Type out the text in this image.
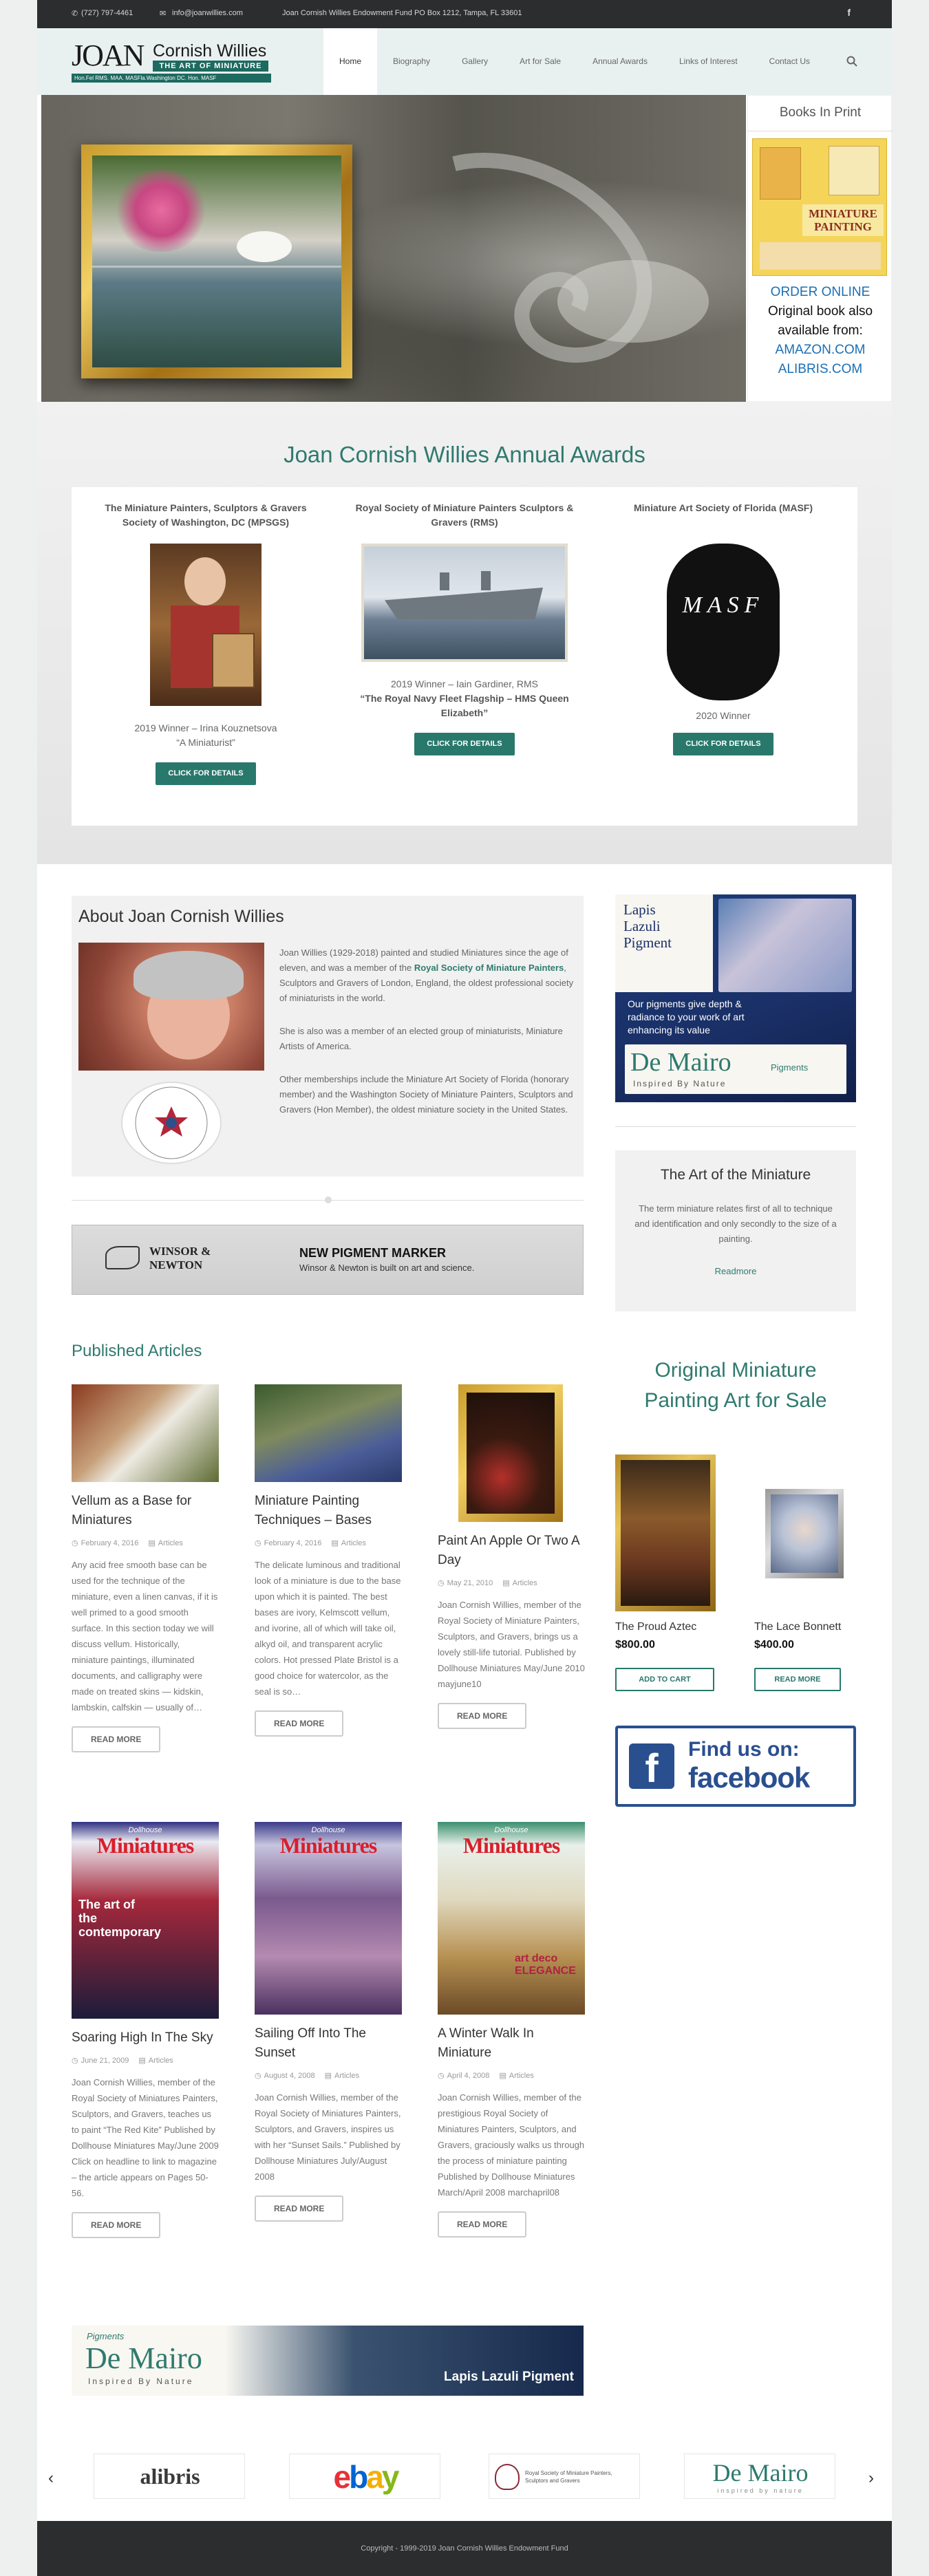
✆ (727) 797-4461	✉ info@joanwillies.com	Joan Cornish Willies Endowment Fund PO Box 1212, Tampa, FL 33601	f
JOAN Cornish Willies
THE ART OF MINIATURE
Hon.Fel RMS. MAA. MASFla.Washington DC. Hon. MASF
Home	Biography	Gallery	Art for Sale	Annual Awards	Links of Interest	Contact Us
Books In Print
MINIATURE PAINTING
ORDER ONLINE
Original book also
available from:
AMAZON.COM
ALIBRIS.COM
Joan Cornish Willies Annual Awards
The Miniature Painters, Sculptors & Gravers Society of Washington, DC (MPSGS)
2019 Winner – Irina Kouznetsova
“A Miniaturist”
CLICK FOR DETAILS
Royal Society of Miniature Painters Sculptors & Gravers (RMS)
2019 Winner – Iain Gardiner, RMS
“The Royal Navy Fleet Flagship – HMS Queen Elizabeth”
CLICK FOR DETAILS
Miniature Art Society of Florida (MASF)
MASF
2020 Winner
CLICK FOR DETAILS
About Joan Cornish Willies
Joan Willies (1929-2018) painted and studied Miniatures since the age of eleven, and was a member of the Royal Society of Miniature Painters, Sculptors and Gravers of London, England, the oldest professional society of miniaturists in the world.
She is also was a member of an elected group of miniaturists, Miniature Artists of America.
Other memberships include the Miniature Art Society of Florida (honorary member) and the Washington Society of Miniature Painters, Sculptors and Gravers (Hon Member), the oldest miniature society in the United States.
WINSOR & NEWTON
NEW PIGMENT MARKER
Winsor & Newton is built on art and science.
Published Articles
Vellum as a Base for Miniatures
◷ February 4, 2016 ▤ Articles
Any acid free smooth base can be used for the technique of the miniature, even a linen canvas, if it is well primed to a good smooth surface. In this section today we will discuss vellum. Historically, miniature paintings, illuminated documents, and calligraphy were made on treated skins — kidskin, lambskin, calfskin — usually of…
READ MORE
Miniature Painting Techniques – Bases
◷ February 4, 2016 ▤ Articles
The delicate luminous and traditional look of a miniature is due to the base upon which it is painted. The best bases are ivory, Kelmscott vellum, and ivorine, all of which will take oil, alkyd oil, and transparent acrylic colors. Hot pressed Plate Bristol is a good choice for watercolor, as the seal is so…
READ MORE
Paint An Apple Or Two A Day
◷ May 21, 2010 ▤ Articles
Joan Cornish Willies, member of the Royal Society of Miniature Painters, Sculptors, and Gravers, brings us a lovely still-life tutorial. Published by Dollhouse Miniatures May/June 2010 mayjune10
READ MORE
Dollhouse
Miniatures
The art of the contemporary
Soaring High In The Sky
◷ June 21, 2009 ▤ Articles
Joan Cornish Willies, member of the Royal Society of Miniatures Painters, Sculptors, and Gravers, teaches us to paint “The Red Kite” Published by Dollhouse Miniatures May/June 2009 Click on headline to link to magazine – the article appears on Pages 50-56.
READ MORE
Dollhouse
Miniatures
Sailing Off Into The Sunset
◷ August 4, 2008 ▤ Articles
Joan Cornish Willies, member of the Royal Society of Miniatures Painters, Sculptors, and Gravers, inspires us with her “Sunset Sails.” Published by Dollhouse Miniatures July/August 2008
READ MORE
Dollhouse
Miniatures
art deco ELEGANCE
A Winter Walk In Miniature
◷ April 4, 2008 ▤ Articles
Joan Cornish Willies, member of the prestigious Royal Society of Miniatures Painters, Sculptors, and Gravers, graciously walks us through the process of miniature painting Published by Dollhouse Miniatures March/April 2008 marchapril08
READ MORE
Pigments
De Mairo
Inspired By Nature	Lapis Lazuli Pigment
Lapis
Lazuli
Pigment
Our pigments give depth & radiance to your work of art enhancing its value
De Mairo	Pigments
Inspired By Nature
The Art of the Miniature
The term miniature relates first of all to technique and identification and only secondly to the size of a painting.
Readmore
Original Miniature Painting Art for Sale
The Proud Aztec
$800.00
ADD TO CART
The Lace Bonnett
$400.00
READ MORE
f	Find us on:
facebook
‹	alibris	ebay	Royal Society of Miniature Painters, Sculptors and Gravers	De Mairo
inspired by nature
›
Copyright - 1999-2019 Joan Cornish Willies Endowment Fund
